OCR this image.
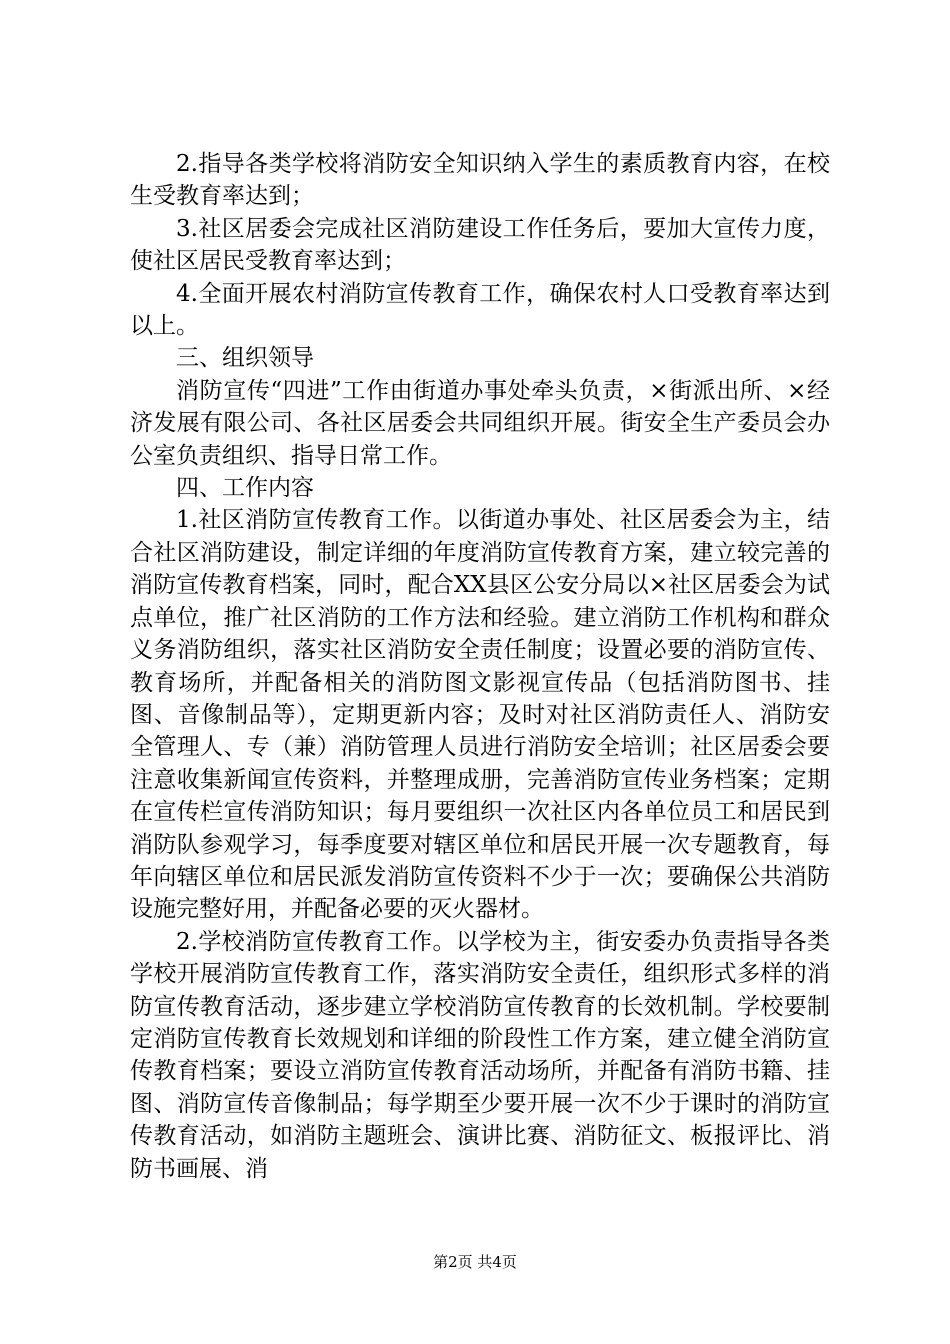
2.指导各类学校将消防安全知识纳入学生的素质教育内容，在校生受教育率达到；

3.社区居委会完成社区消防建设工作任务后，要加大宣传力度，使社区居民受教育率达到；

4.全面开展农村消防宣传教育工作，确保农村人口受教育率达到以上。

三、组织领导

消防宣传“四进”工作由街道办事处牵头负责，×街派出所、×经济发展有限公司、各社区居委会共同组织开展。街安全生产委员会办公室负责组织、指导日常工作。

四、工作内容

1.社区消防宣传教育工作。以街道办事处、社区居委会为主，结合社区消防建设，制定详细的年度消防宣传教育方案，建立较完善的消防宣传教育档案，同时，配合XX县区公安分局以×社区居委会为试点单位，推广社区消防的工作方法和经验。建立消防工作机构和群众义务消防组织，落实社区消防安全责任制度；设置必要的消防宣传、教育场所，并配备相关的消防图文影视宣传品（包括消防图书、挂图、音像制品等），定期更新内容；及时对社区消防责任人、消防安全管理人、专（兼）消防管理人员进行消防安全培训；社区居委会要注意收集新闻宣传资料，并整理成册，完善消防宣传业务档案；定期在宣传栏宣传消防知识；每月要组织一次社区内各单位员工和居民到消防队参观学习，每季度要对辖区单位和居民开展一次专题教育，每年向辖区单位和居民派发消防宣传资料不少于一次；要确保公共消防设施完整好用，并配备必要的灭火器材。

2.学校消防宣传教育工作。以学校为主，街安委办负责指导各类学校开展消防宣传教育工作，落实消防安全责任，组织形式多样的消防宣传教育活动，逐步建立学校消防宣传教育的长效机制。学校要制定消防宣传教育长效规划和详细的阶段性工作方案，建立健全消防宣传教育档案；要设立消防宣传教育活动场所，并配备有消防书籍、挂图、消防宣传音像制品；每学期至少要开展一次不少于课时的消防宣传教育活动，如消防主题班会、演讲比赛、消防征文、板报评比、消防书画展、消

第2页 共4页
